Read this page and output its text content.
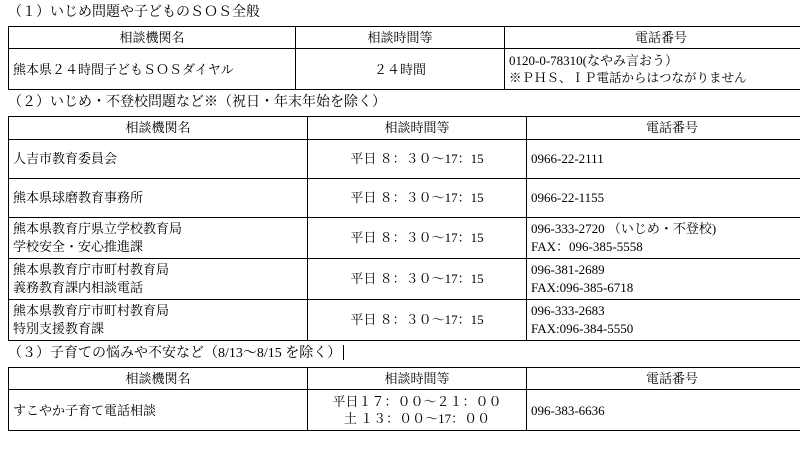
（１）いじめ問題や子どものＳＯＳ全般
相談機関名	相談時間等	電話番号

熊本県２４時間子どもＳＯＳダイヤル	２４時間	0120-0-78310(なやみ言おう）
※ＰＨＳ、ＩＰ電話からはつながりません
（２）いじめ・不登校問題など※（祝日・年末年始を除く）
相談機関名	相談時間等	電話番号

人吉市教育委員会	平日 ８：３０～17：15	0966-22-2111

熊本県球磨教育事務所	平日 ８：３０～17：15	0966-22-1155

熊本県教育庁県立学校教育局
学校安全・安心推進課	平日 ８：３０～17：15	096-333-2720 （いじめ・不登校)
FAX：096-385-5558

熊本県教育庁市町村教育局
義務教育課内相談電話	平日 ８：３０～17：15	096-381-2689
FAX:096-385-6718

熊本県教育庁市町村教育局
特別支援教育課	平日 ８：３０～17：15	096-333-2683
FAX:096-384-5550
（３）子育ての悩みや不安など（8/13～8/15 を除く）
相談機関名	相談時間等	電話番号

すこやか子育て電話相談	平日１７：００～２１：００
土 １３：００～17：００	096-383-6636
